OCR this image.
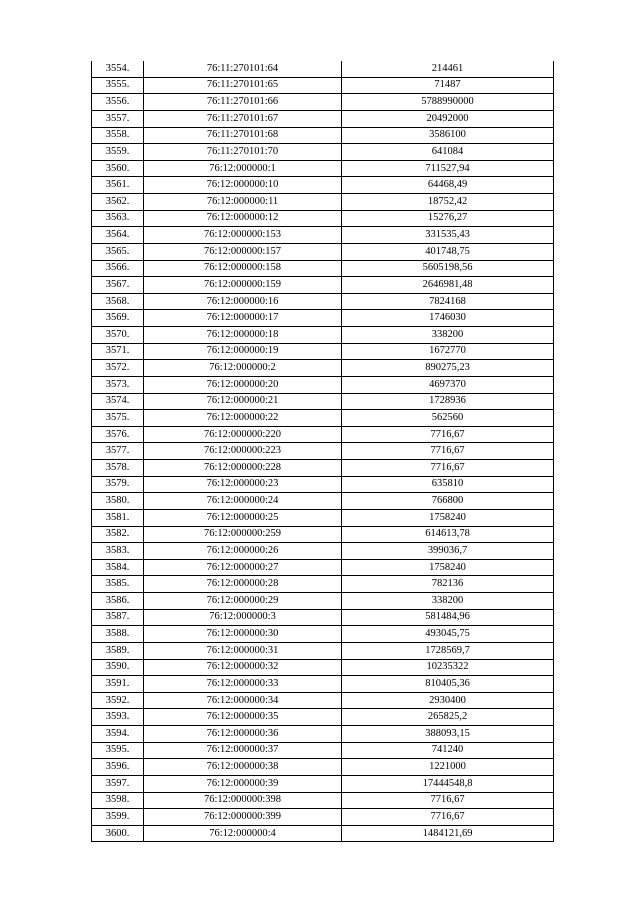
3554.	76:11:270101:64	214461
3555.	76:11:270101:65	71487
3556.	76:11:270101:66	5788990000
3557.	76:11:270101:67	20492000
3558.	76:11:270101:68	3586100
3559.	76:11:270101:70	641084
3560.	76:12:000000:1	711527,94
3561.	76:12:000000:10	64468,49
3562.	76:12:000000:11	18752,42
3563.	76:12:000000:12	15276,27
3564.	76:12:000000:153	331535,43
3565.	76:12:000000:157	401748,75
3566.	76:12:000000:158	5605198,56
3567.	76:12:000000:159	2646981,48
3568.	76:12:000000:16	7824168
3569.	76:12:000000:17	1746030
3570.	76:12:000000:18	338200
3571.	76:12:000000:19	1672770
3572.	76:12:000000:2	890275,23
3573.	76:12:000000:20	4697370
3574.	76:12:000000:21	1728936
3575.	76:12:000000:22	562560
3576.	76:12:000000:220	7716,67
3577.	76:12:000000:223	7716,67
3578.	76:12:000000:228	7716,67
3579.	76:12:000000:23	635810
3580.	76:12:000000:24	766800
3581.	76:12:000000:25	1758240
3582.	76:12:000000:259	614613,78
3583.	76:12:000000:26	399036,7
3584.	76:12:000000:27	1758240
3585.	76:12:000000:28	782136
3586.	76:12:000000:29	338200
3587.	76:12:000000:3	581484,96
3588.	76:12:000000:30	493045,75
3589.	76:12:000000:31	1728569,7
3590.	76:12:000000:32	10235322
3591.	76:12:000000:33	810405,36
3592.	76:12:000000:34	2930400
3593.	76:12:000000:35	265825,2
3594.	76:12:000000:36	388093,15
3595.	76:12:000000:37	741240
3596.	76:12:000000:38	1221000
3597.	76:12:000000:39	17444548,8
3598.	76:12:000000:398	7716,67
3599.	76:12:000000:399	7716,67
3600.	76:12:000000:4	1484121,69
